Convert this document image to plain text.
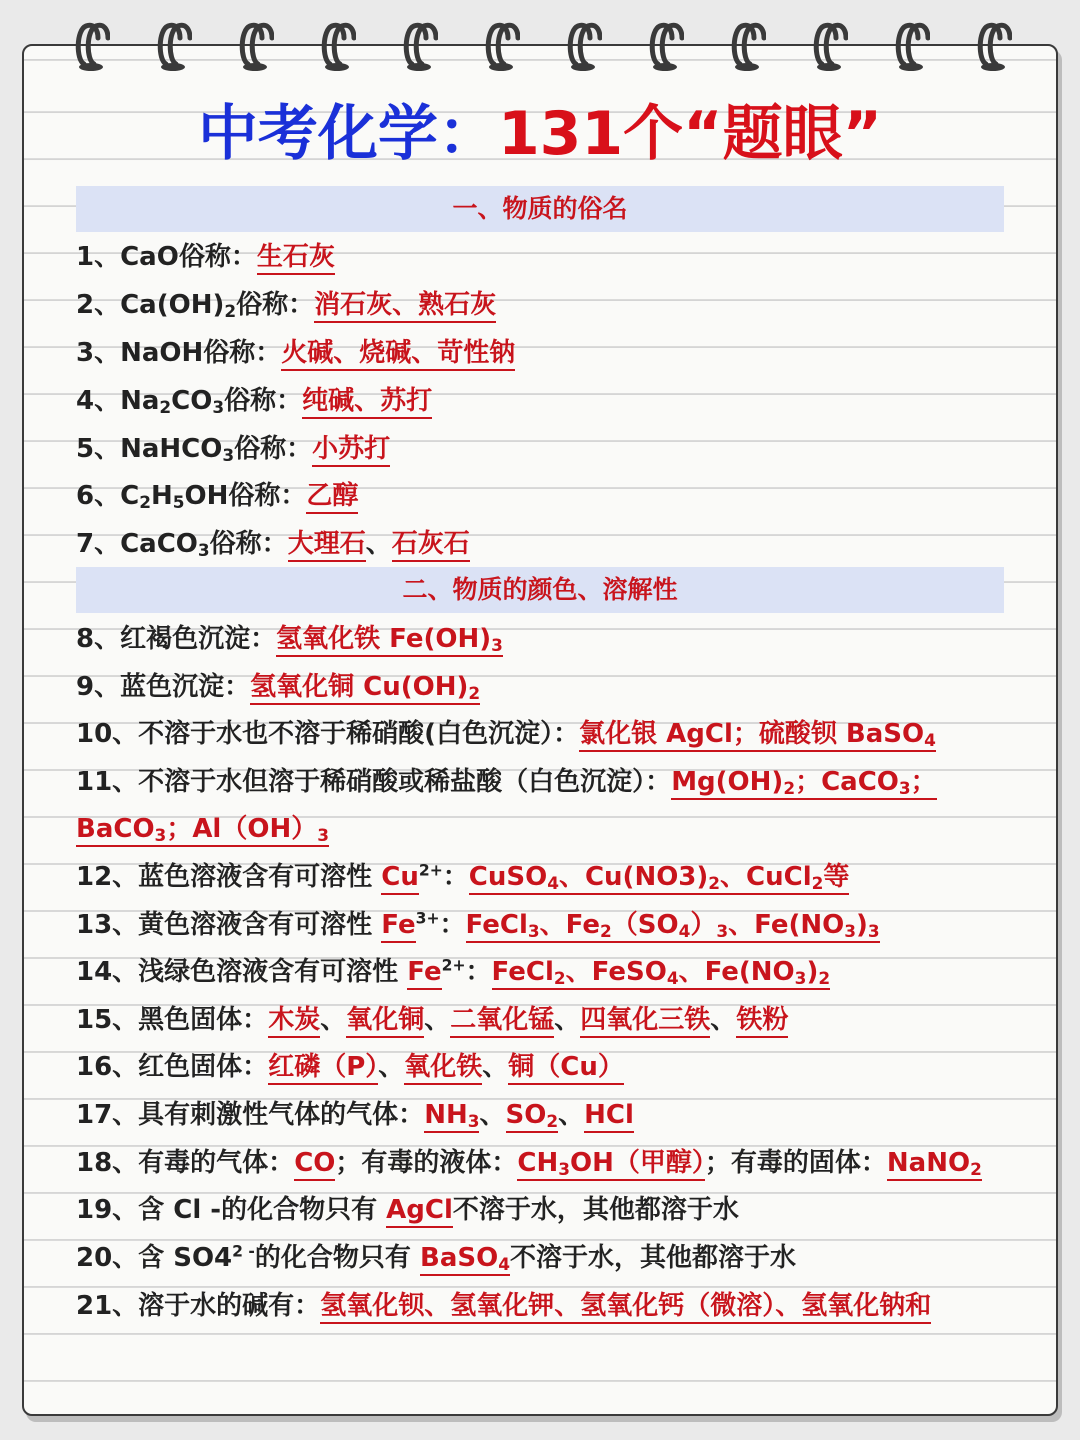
中考化学：131个“题眼”
一、物质的俗名
1、CaO俗称：生石灰
2、$Ca(OH)_2$俗称：消石灰、熟石灰
3、NaOH俗称：火碱、烧碱、苛性钠
4、$Na_2CO_3$俗称：纯碱、苏打
5、NaHCO$_3$俗称：小苏打
6、$C_2H_5OH$俗称：乙醇
7、CaCO$_3$俗称：大理石、石灰石
二、物质的颜色、溶解性
8、红褐色沉淀：氢氧化铁 $Fe(OH)_3$
9、蓝色沉淀：氢氧化铜 $Cu(OH)_2$
10、不溶于水也不溶于稀硝酸(白色沉淀）：氯化银 AgCl；硫酸钡 BaSO$_4$
11、不溶于水但溶于稀硝酸或稀盐酸（白色沉淀）：$Mg(OH)_2$；CaCO$_3$；
BaCO$_3$；$Al(OH)_3$
12、蓝色溶液含有可溶性 $Cu^{2+}$：CuSO$_4$、$Cu(NO3)_2$、CuCl$_2$等
13、黄色溶液含有可溶性 $Fe^{3+}$：FeCl$_3$、$Fe_2(SO_4)_3$、$Fe(NO_3)_3$
14、浅绿色溶液含有可溶性 $Fe^{2+}$：FeCl$_2$、FeSO$_4$、$Fe(NO_3)_2$
15、黑色固体：木炭、氧化铜、二氧化锰、四氧化三铁、铁粉
16、红色固体：红磷（P）、氧化铁、铜（Cu）
17、具有刺激性气体的气体：$NH_3$、$SO_2$、HCl
18、有毒的气体：CO；有毒的液体：$CH_3OH$（甲醇）；有毒的固体：NaNO$_2$
19、含 Cl -的化合物只有 AgCl不溶于水，其他都溶于水
20、含 $SO4^{2 -}$的化合物只有 BaSO$_4$不溶于水，其他都溶于水
21、溶于水的碱有：氢氧化钡、氢氧化钾、氢氧化钙（微溶）、氢氧化钠和
